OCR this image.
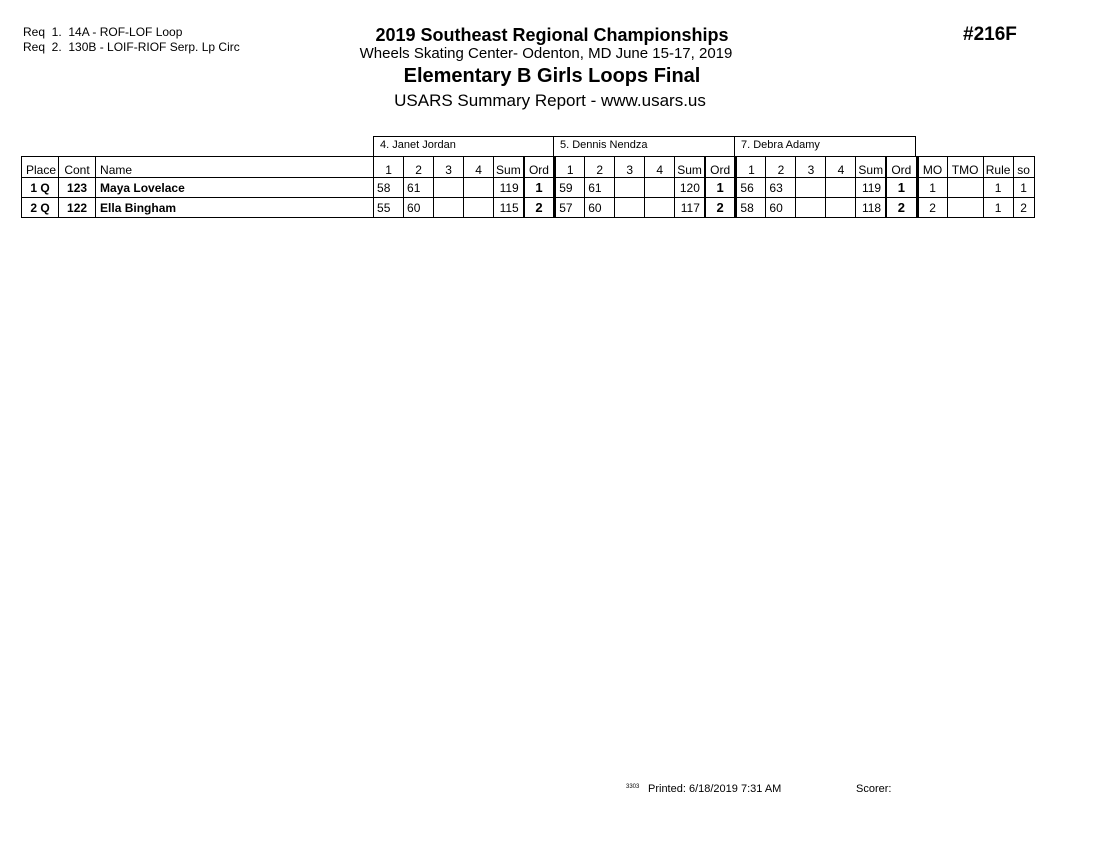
Req  1.  14A - ROF-LOF Loop
Req  2.  130B - LOIF-RIOF Serp. Lp Circ
2019 Southeast Regional Championships
Wheels Skating Center- Odenton, MD June 15-17, 2019
Elementary B Girls Loops Final
USARS Summary Report - www.usars.us
#216F
4. Janet Jordan	5. Dennis Nendza	7. Debra Adamy
Place	Cont	Name	1	2	3	4	Sum	Ord	1	2	3	4	Sum	Ord	1	2	3	4	Sum	Ord	MO	TMO	Rule	so
1 Q	123	Maya Lovelace	58	61			119	1	59	61			120	1	56	63			119	1	1		1	1
2 Q	122	Ella Bingham	55	60			115	2	57	60			117	2	58	60			118	2	2		1	2
3303 Printed: 6/18/2019 7:31 AM	Scorer:
